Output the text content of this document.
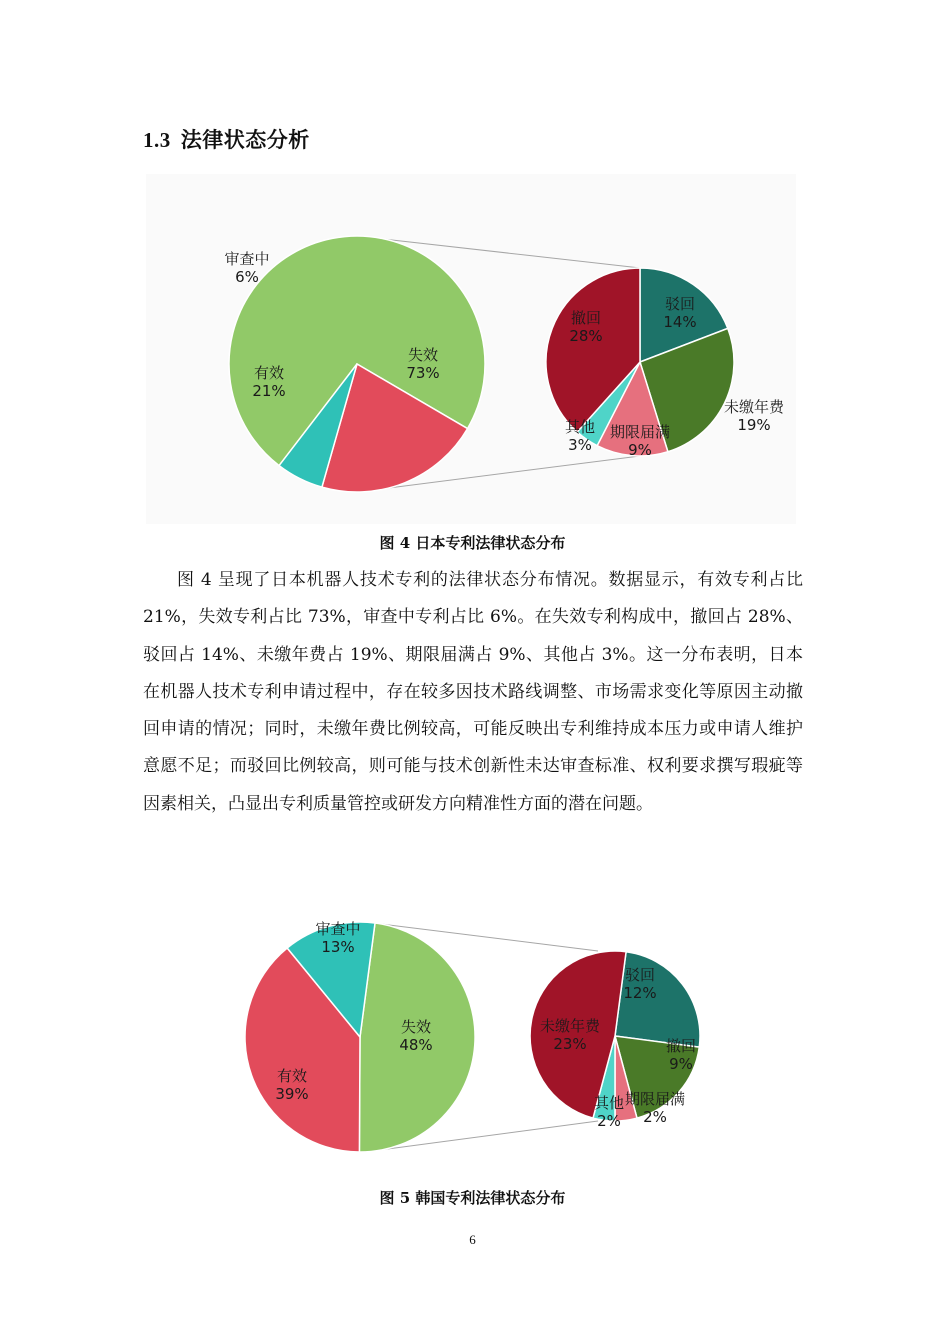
1.3 法律状态分析
失效 73%
有效 21%
审查中 6%
驳回 14%
未缴年费 19%
期限届满 9%
其他 3%
撤回 28%
失效 48%
有效 39%
审查中 13%
驳回 12%
撤回 9%
期限届满 2%
其他 2%
未缴年费 23%
图 4 日本专利法律状态分布
图 4 呈现了日本机器人技术专利的法律状态分布情况。数据显示，有效专利占比 21%，失效专利占比 73%，审查中专利占比 6%。在失效专利构成中，撤回占 28%、驳回占 14%、未缴年费占 19%、期限届满占 9%、其他占 3%。这一分布表明，日本在机器人技术专利申请过程中，存在较多因技术路线调整、市场需求变化等原因主动撤回申请的情况；同时，未缴年费比例较高，可能反映出专利维持成本压力或申请人维护意愿不足；而驳回比例较高，则可能与技术创新性未达审查标准、权利要求撰写瑕疵等因素相关，凸显出专利质量管控或研发方向精准性方面的潜在问题。
图 5 韩国专利法律状态分布
6
